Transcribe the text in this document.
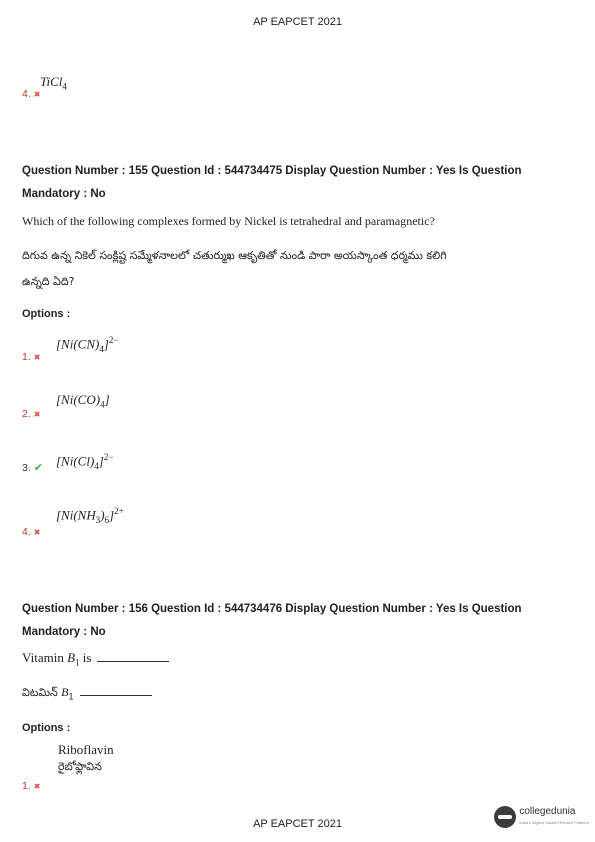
AP EAPCET 2021
TiCl$_4$
4. ✖
Question Number : 155 Question Id : 544734475 Display Question Number : Yes Is Question
Mandatory : No
Which of the following complexes formed by Nickel is tetrahedral and paramagnetic?
దిగువ ఉన్న నికెల్ సంక్లిష్ట సమ్మేళనాలలో చతుర్ముఖ ఆకృతితో నుండి పారా అయస్కాంత ధర్మము కలిగి
ఉన్నది ఏది?
Options :
$[Ni(CN)_4]^{2-}$
1. ✖
$[Ni(CO)_4]$
2. ✖
$[Ni(Cl)_4]^{2-}$
3. ✔
$[Ni(NH_3)_6]^{2+}$
4. ✖
Question Number : 156 Question Id : 544734476 Display Question Number : Yes Is Question
Mandatory : No
Vitamin $B_1$ is
విటమిన్ $B_1$
Options :
Riboflavin
రైబోఫ్లావిన
1. ✖
AP EAPCET 2021
collegedunia
India's largest Student Review Platform
